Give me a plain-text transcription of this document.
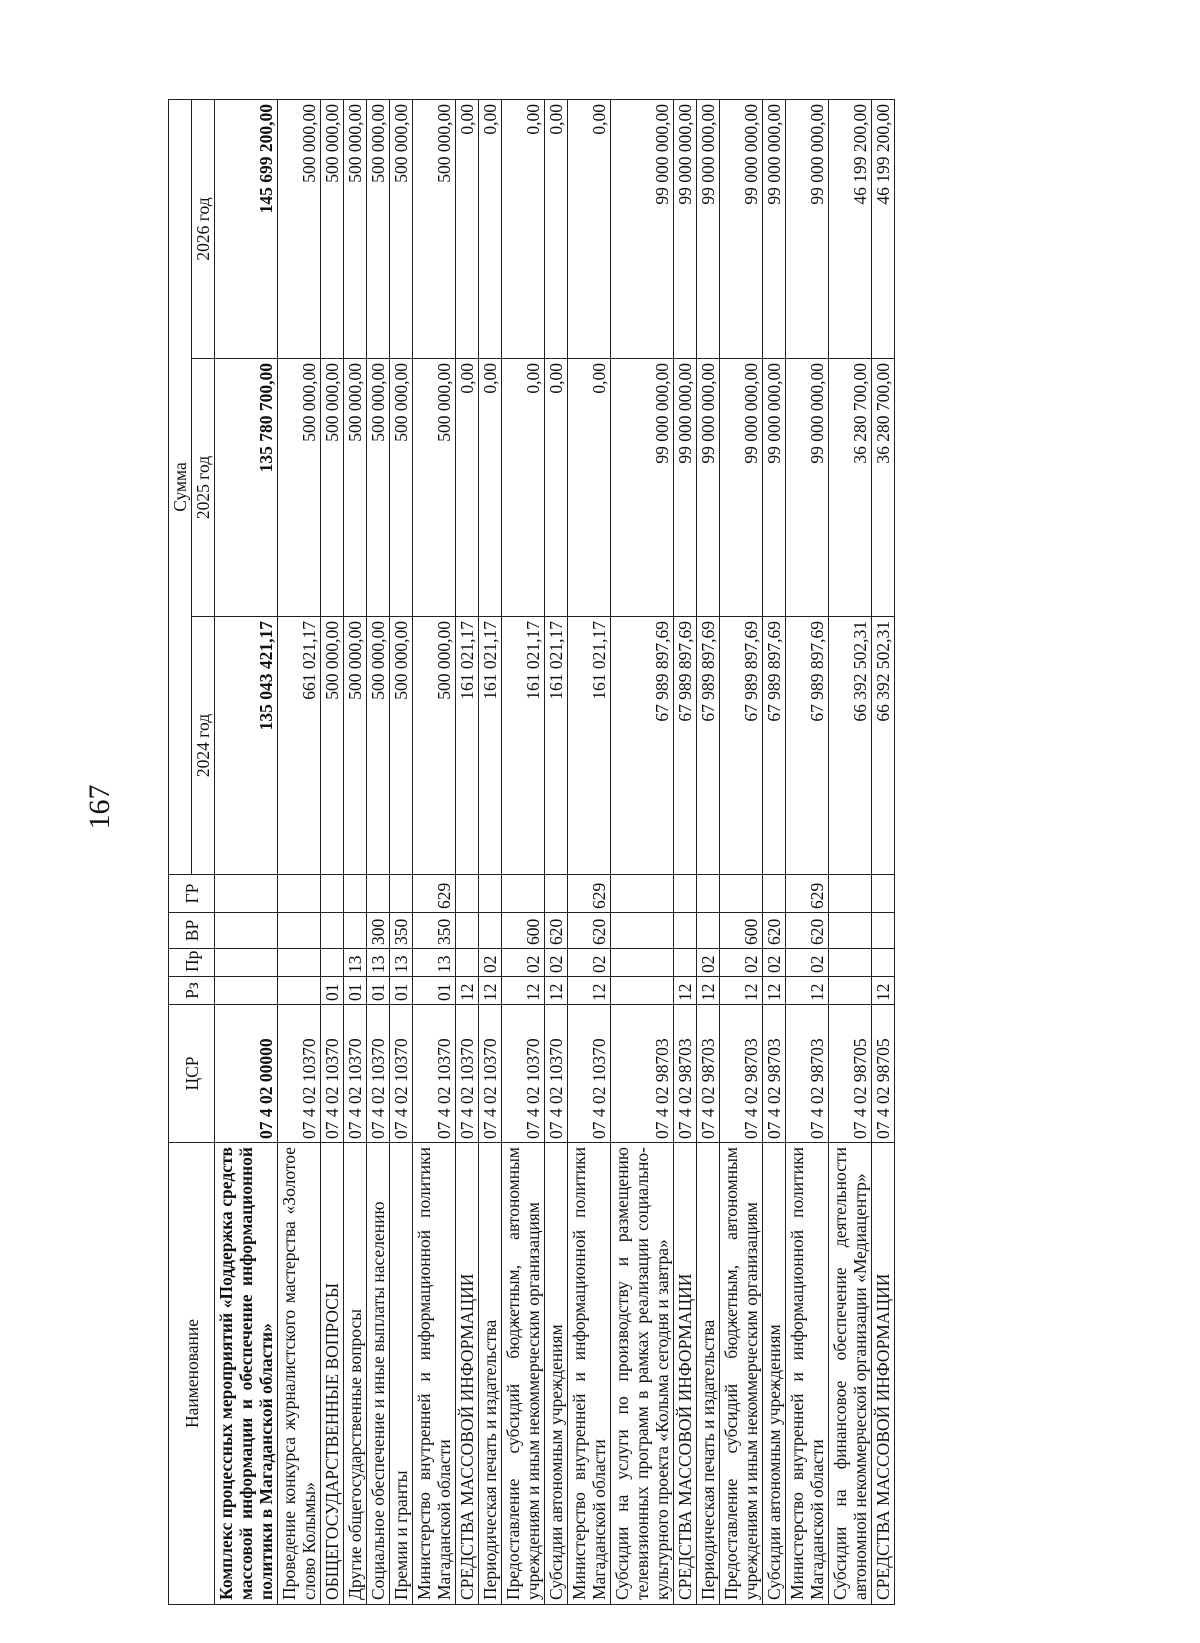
167
Наименование	ЦСР	Рз	Пр	ВР	ГР	Сумма		
						2024 год	2025 год	2026 год
Комплекс процессных мероприятий «Поддержка средств массовой информации и обеспечение информационной политики в Магаданской области»	07 4 02 00000					135 043 421,17	135 780 700,00	145 699 200,00
Проведение конкурса журналистского мастерства «Золотое слово Колымы»	07 4 02 10370					661 021,17	500 000,00	500 000,00
ОБЩЕГОСУДАРСТВЕННЫЕ ВОПРОСЫ	07 4 02 10370	01				500 000,00	500 000,00	500 000,00
Другие общегосударственные вопросы	07 4 02 10370	01	13			500 000,00	500 000,00	500 000,00
Социальное обеспечение и иные выплаты населению	07 4 02 10370	01	13	300		500 000,00	500 000,00	500 000,00
Премии и гранты	07 4 02 10370	01	13	350		500 000,00	500 000,00	500 000,00
Министерство внутренней и информационной политики Магаданской области	07 4 02 10370	01	13	350	629	500 000,00	500 000,00	500 000,00
СРЕДСТВА МАССОВОЙ ИНФОРМАЦИИ	07 4 02 10370	12				161 021,17	0,00	0,00
Периодическая печать и издательства	07 4 02 10370	12	02			161 021,17	0,00	0,00
Предоставление субсидий бюджетным, автономным учреждениям и иным некоммерческим организациям	07 4 02 10370	12	02	600		161 021,17	0,00	0,00
Субсидии автономным учреждениям	07 4 02 10370	12	02	620		161 021,17	0,00	0,00
Министерство внутренней и информационной политики Магаданской области	07 4 02 10370	12	02	620	629	161 021,17	0,00	0,00
Субсидии на услуги по производству и размещению телевизионных программ в рамках реализации социально-культурного проекта «Колыма сегодня и завтра»	07 4 02 98703					67 989 897,69	99 000 000,00	99 000 000,00
СРЕДСТВА МАССОВОЙ ИНФОРМАЦИИ	07 4 02 98703	12				67 989 897,69	99 000 000,00	99 000 000,00
Периодическая печать и издательства	07 4 02 98703	12	02			67 989 897,69	99 000 000,00	99 000 000,00
Предоставление субсидий бюджетным, автономным учреждениям и иным некоммерческим организациям	07 4 02 98703	12	02	600		67 989 897,69	99 000 000,00	99 000 000,00
Субсидии автономным учреждениям	07 4 02 98703	12	02	620		67 989 897,69	99 000 000,00	99 000 000,00
Министерство внутренней и информационной политики Магаданской области	07 4 02 98703	12	02	620	629	67 989 897,69	99 000 000,00	99 000 000,00
Субсидии на финансовое обеспечение деятельности автономной некоммерческой организации «Медиацентр»	07 4 02 98705					66 392 502,31	36 280 700,00	46 199 200,00
СРЕДСТВА МАССОВОЙ ИНФОРМАЦИИ	07 4 02 98705	12				66 392 502,31	36 280 700,00	46 199 200,00
